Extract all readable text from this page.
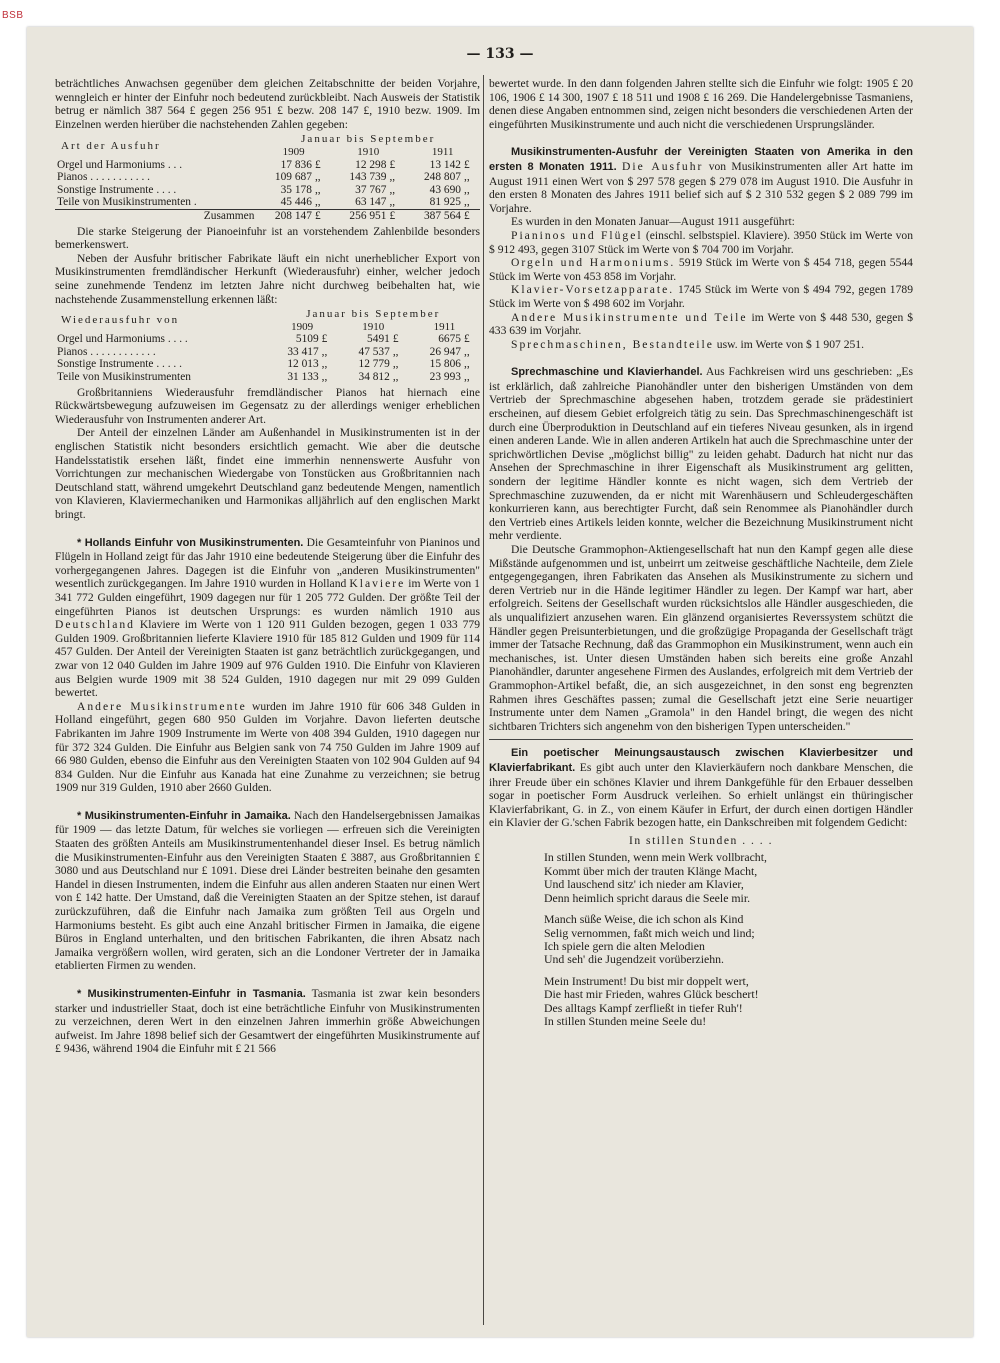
BSB
— 133 —

beträchtliches Anwachsen gegenüber dem gleichen Zeitabschnitte der beiden Vorjahre, wenngleich er hinter der Einfuhr noch bedeutend zurückbleibt. Nach Ausweis der Statistik betrug er nämlich 387 564 £ gegen 256 951 £ bezw. 208 147 £, 1910 bezw. 1909. Im Einzelnen werden hierüber die nachstehenden Zahlen gegeben:

Art der Ausfuhr	Januar bis September					
	1909		1910		1911	
Orgel und Harmoniums . . .	17 836	£	12 298	£	13 142	£
Pianos . . . . . . . . . . .	109 687	,,	143 739	,,	248 807	,,
Sonstige Instrumente . . . .	35 178	,,	37 767	,,	43 690	,,
Teile von Musikinstrumenten .	45 446	,,	63 147	,,	81 925	,,
Zusammen	208 147	£	256 951	£	387 564	£

Die starke Steigerung der Pianoeinfuhr ist an vorstehendem Zahlenbilde besonders bemerkenswert.

Neben der Ausfuhr britischer Fabrikate läuft ein nicht unerheblicher Export von Musikinstrumenten fremdländischer Herkunft (Wiederausfuhr) einher, welcher jedoch seine zunehmende Tendenz im letzten Jahre nicht durchweg beibehalten hat, wie nachstehende Zusammenstellung erkennen läßt:

Wiederausfuhr von	Januar bis September					
	1909		1910		1911	
Orgel und Harmoniums . . . .	5109	£	5491	£	6675	£
Pianos . . . . . . . . . . . .	33 417	,,	47 537	,,	26 947	,,
Sonstige Instrumente . . . . .	12 013	,,	12 779	,,	15 806	,,
Teile von Musikinstrumenten	31 133	,,	34 812	,,	23 993	,,

Großbritanniens Wiederausfuhr fremdländischer Pianos hat hiernach eine Rückwärtsbewegung aufzuweisen im Gegensatz zu der allerdings weniger erheblichen Wiederausfuhr von Instrumenten anderer Art.

Der Anteil der einzelnen Länder am Außenhandel in Musikinstrumenten ist in der englischen Statistik nicht besonders ersichtlich gemacht. Wie aber die deutsche Handelsstatistik ersehen läßt, findet eine immerhin nennenswerte Ausfuhr von Vorrichtungen zur mechanischen Wiedergabe von Tonstücken aus Großbritannien nach Deutschland statt, während umgekehrt Deutschland ganz bedeutende Mengen, namentlich von Klavieren, Klaviermechaniken und Harmonikas alljährlich auf den englischen Markt bringt.

* Hollands Einfuhr von Musikinstrumenten. Die Gesamteinfuhr von Pianinos und Flügeln in Holland zeigt für das Jahr 1910 eine bedeutende Steigerung über die Einfuhr des vorhergegangenen Jahres. Dagegen ist die Einfuhr von „anderen Musikinstrumenten" wesentlich zurückgegangen. Im Jahre 1910 wurden in Holland Klaviere im Werte von 1 341 772 Gulden eingeführt, 1909 dagegen nur für 1 205 772 Gulden. Der größte Teil der eingeführten Pianos ist deutschen Ursprungs: es wurden nämlich 1910 aus Deutschland Klaviere im Werte von 1 120 911 Gulden bezogen, gegen 1 033 779 Gulden 1909. Großbritannien lieferte Klaviere 1910 für 185 812 Gulden und 1909 für 114 457 Gulden. Der Anteil der Vereinigten Staaten ist ganz beträchtlich zurückgegangen, und zwar von 12 040 Gulden im Jahre 1909 auf 976 Gulden 1910. Die Einfuhr von Klavieren aus Belgien wurde 1909 mit 38 524 Gulden, 1910 dagegen nur mit 29 099 Gulden bewertet.

Andere Musikinstrumente wurden im Jahre 1910 für 606 348 Gulden in Holland eingeführt, gegen 680 950 Gulden im Vorjahre. Davon lieferten deutsche Fabrikanten im Jahre 1909 Instrumente im Werte von 408 394 Gulden, 1910 dagegen nur für 372 324 Gulden. Die Einfuhr aus Belgien sank von 74 750 Gulden im Jahre 1909 auf 66 980 Gulden, ebenso die Einfuhr aus den Vereinigten Staaten von 102 904 Gulden auf 94 834 Gulden. Nur die Einfuhr aus Kanada hat eine Zunahme zu verzeichnen; sie betrug 1909 nur 319 Gulden, 1910 aber 2660 Gulden.

* Musikinstrumenten-Einfuhr in Jamaika. Nach den Handelsergebnissen Jamaikas für 1909 — das letzte Datum, für welches sie vorliegen — erfreuen sich die Vereinigten Staaten des größten Anteils am Musikinstrumentenhandel dieser Insel. Es betrug nämlich die Musikinstrumenten-Einfuhr aus den Vereinigten Staaten £ 3887, aus Großbritannien £ 3080 und aus Deutschland nur £ 1091. Diese drei Länder bestreiten beinahe den gesamten Handel in diesen Instrumenten, indem die Einfuhr aus allen anderen Staaten nur einen Wert von £ 142 hatte. Der Umstand, daß die Vereinigten Staaten an der Spitze stehen, ist darauf zurückzuführen, daß die Einfuhr nach Jamaika zum größten Teil aus Orgeln und Harmoniums besteht. Es gibt auch eine Anzahl britischer Firmen in Jamaika, die eigene Büros in England unterhalten, und den britischen Fabrikanten, die ihren Absatz nach Jamaika vergrößern wollen, wird geraten, sich an die Londoner Vertreter der in Jamaika etablierten Firmen zu wenden.

* Musikinstrumenten-Einfuhr in Tasmania. Tasmania ist zwar kein besonders starker und industrieller Staat, doch ist eine beträchtliche Einfuhr von Musikinstrumenten zu verzeichnen, deren Wert in den einzelnen Jahren immerhin größe Abweichungen aufweist. Im Jahre 1898 belief sich der Gesamtwert der eingeführten Musikinstrumente auf £ 9436, während 1904 die Einfuhr mit £ 21 566

bewertet wurde. In den dann folgenden Jahren stellte sich die Einfuhr wie folgt: 1905 £ 20 106, 1906 £ 14 300, 1907 £ 18 511 und 1908 £ 16 269. Die Handelergebnisse Tasmaniens, denen diese Angaben entnommen sind, zeigen nicht besonders die verschiedenen Arten der eingeführten Musikinstrumente und auch nicht die verschiedenen Ursprungsländer.

Musikinstrumenten-Ausfuhr der Vereinigten Staaten von Amerika in den ersten 8 Monaten 1911. Die Ausfuhr von Musikinstrumenten aller Art hatte im August 1911 einen Wert von $ 297 578 gegen $ 279 078 im August 1910. Die Ausfuhr in den ersten 8 Monaten des Jahres 1911 belief sich auf $ 2 310 532 gegen $ 2 089 799 im Vorjahre.

Es wurden in den Monaten Januar—August 1911 ausgeführt:

Pianinos und Flügel (einschl. selbstspiel. Klaviere). 3950 Stück im Werte von $ 912 493, gegen 3107 Stück im Werte von $ 704 700 im Vorjahr.

Orgeln und Harmoniums. 5919 Stück im Werte von $ 454 718, gegen 5544 Stück im Werte von 453 858 im Vorjahr.

Klavier-Vorsetzapparate. 1745 Stück im Werte von $ 494 792, gegen 1789 Stück im Werte von $ 498 602 im Vorjahr.

Andere Musikinstrumente und Teile im Werte von $ 448 530, gegen $ 433 639 im Vorjahr.

Sprechmaschinen, Bestandteile usw. im Werte von $ 1 907 251.

Sprechmaschine und Klavierhandel. Aus Fachkreisen wird uns geschrieben: „Es ist erklärlich, daß zahlreiche Pianohändler unter den bisherigen Umständen von dem Vertrieb der Sprechmaschine abgesehen haben, trotzdem gerade sie prädestiniert erscheinen, auf diesem Gebiet erfolgreich tätig zu sein. Das Sprechmaschinengeschäft ist durch eine Überproduktion in Deutschland auf ein tieferes Niveau gesunken, als in irgend einen anderen Lande. Wie in allen anderen Artikeln hat auch die Sprechmaschine unter der sprichwörtlichen Devise „möglichst billig" zu leiden gehabt. Dadurch hat nicht nur das Ansehen der Sprechmaschine in ihrer Eigenschaft als Musikinstrument arg gelitten, sondern der legitime Händler konnte es nicht wagen, sich dem Vertrieb der Sprechmaschine zuzuwenden, da er nicht mit Warenhäusern und Schleudergeschäften konkurrieren kann, aus berechtigter Furcht, daß sein Renommee als Pianohändler durch den Vertrieb eines Artikels leiden konnte, welcher die Bezeichnung Musikinstrument nicht mehr verdiente.

Die Deutsche Grammophon-Aktiengesellschaft hat nun den Kampf gegen alle diese Mißstände aufgenommen und ist, unbeirrt um zeitweise geschäftliche Nachteile, dem Ziele entgegengegangen, ihren Fabrikaten das Ansehen als Musikinstrumente zu sichern und deren Vertrieb nur in die Hände legitimer Händler zu legen. Der Kampf war hart, aber erfolgreich. Seitens der Gesellschaft wurden rücksichtslos alle Händler ausgeschieden, die als unqualifiziert anzusehen waren. Ein glänzend organisiertes Reverssystem schützt die Händler gegen Preisunterbietungen, und die großzügige Propaganda der Gesellschaft trägt immer der Tatsache Rechnung, daß das Grammophon ein Musikinstrument, wenn auch ein mechanisches, ist. Unter diesen Umständen haben sich bereits eine große Anzahl Pianohändler, darunter angesehene Firmen des Auslandes, erfolgreich mit dem Vertrieb der Grammophon-Artikel befaßt, die, an sich ausgezeichnet, in den sonst eng begrenzten Rahmen ihres Geschäftes passen; zumal die Gesellschaft jetzt eine Serie neuartiger Instrumente unter dem Namen „Gramola" in den Handel bringt, die wegen des nicht sichtbaren Trichters sich angenehm von den bisherigen Typen unterscheiden."

Ein poetischer Meinungsaustausch zwischen Klavierbesitzer und Klavierfabrikant. Es gibt auch unter den Klavierkäufern noch dankbare Menschen, die ihrer Freude über ein schönes Klavier und ihrem Dankgefühle für den Erbauer desselben sogar in poetischer Form Ausdruck verleihen. So erhielt unlängst ein thüringischer Klavierfabrikant, G. in Z., von einem Käufer in Erfurt, der durch einen dortigen Händler ein Klavier der G.'schen Fabrik bezogen hatte, ein Dankschreiben mit folgendem Gedicht:

In stillen Stunden . . . .
In stillen Stunden, wenn mein Werk vollbracht,
Kommt über mich der trauten Klänge Macht,
Und lauschend sitz' ich nieder am Klavier,
Denn heimlich spricht daraus die Seele mir.
Manch süße Weise, die ich schon als Kind
Selig vernommen, faßt mich weich und lind;
Ich spiele gern die alten Melodien
Und seh' die Jugendzeit vorüberziehn.
Mein Instrument! Du bist mir doppelt wert,
Die hast mir Frieden, wahres Glück beschert!
Des alltags Kampf zerfließt in tiefer Ruh'!
In stillen Stunden meine Seele du!
